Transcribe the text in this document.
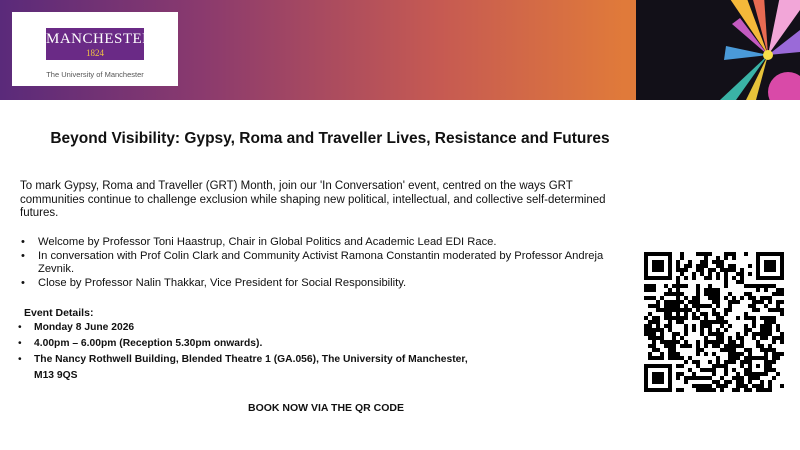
MANCHESTER
1824
The University of Manchester
Beyond Visibility: Gypsy, Roma and Traveller Lives, Resistance and Futures

To mark Gypsy, Roma and Traveller (GRT) Month, join our 'In Conversation' event, centred on the ways GRT communities continue to challenge exclusion while shaping new political, intellectual, and collective self-determined futures.

• Welcome by Professor Toni Haastrup, Chair in Global Politics and Academic Lead EDI Race.
• In conversation with Prof Colin Clark and Community Activist Ramona Constantin moderated by Professor Andreja Zevnik.
• Close by Professor Nalin Thakkar, Vice President for Social Responsibility.
Event Details:
• Monday 8 June 2026
• 4.00pm – 6.00pm (Reception 5.30pm onwards).
• The Nancy Rothwell Building, Blended Theatre 1 (GA.056), The University of Manchester,
M13 9QS
BOOK NOW VIA THE QR CODE
